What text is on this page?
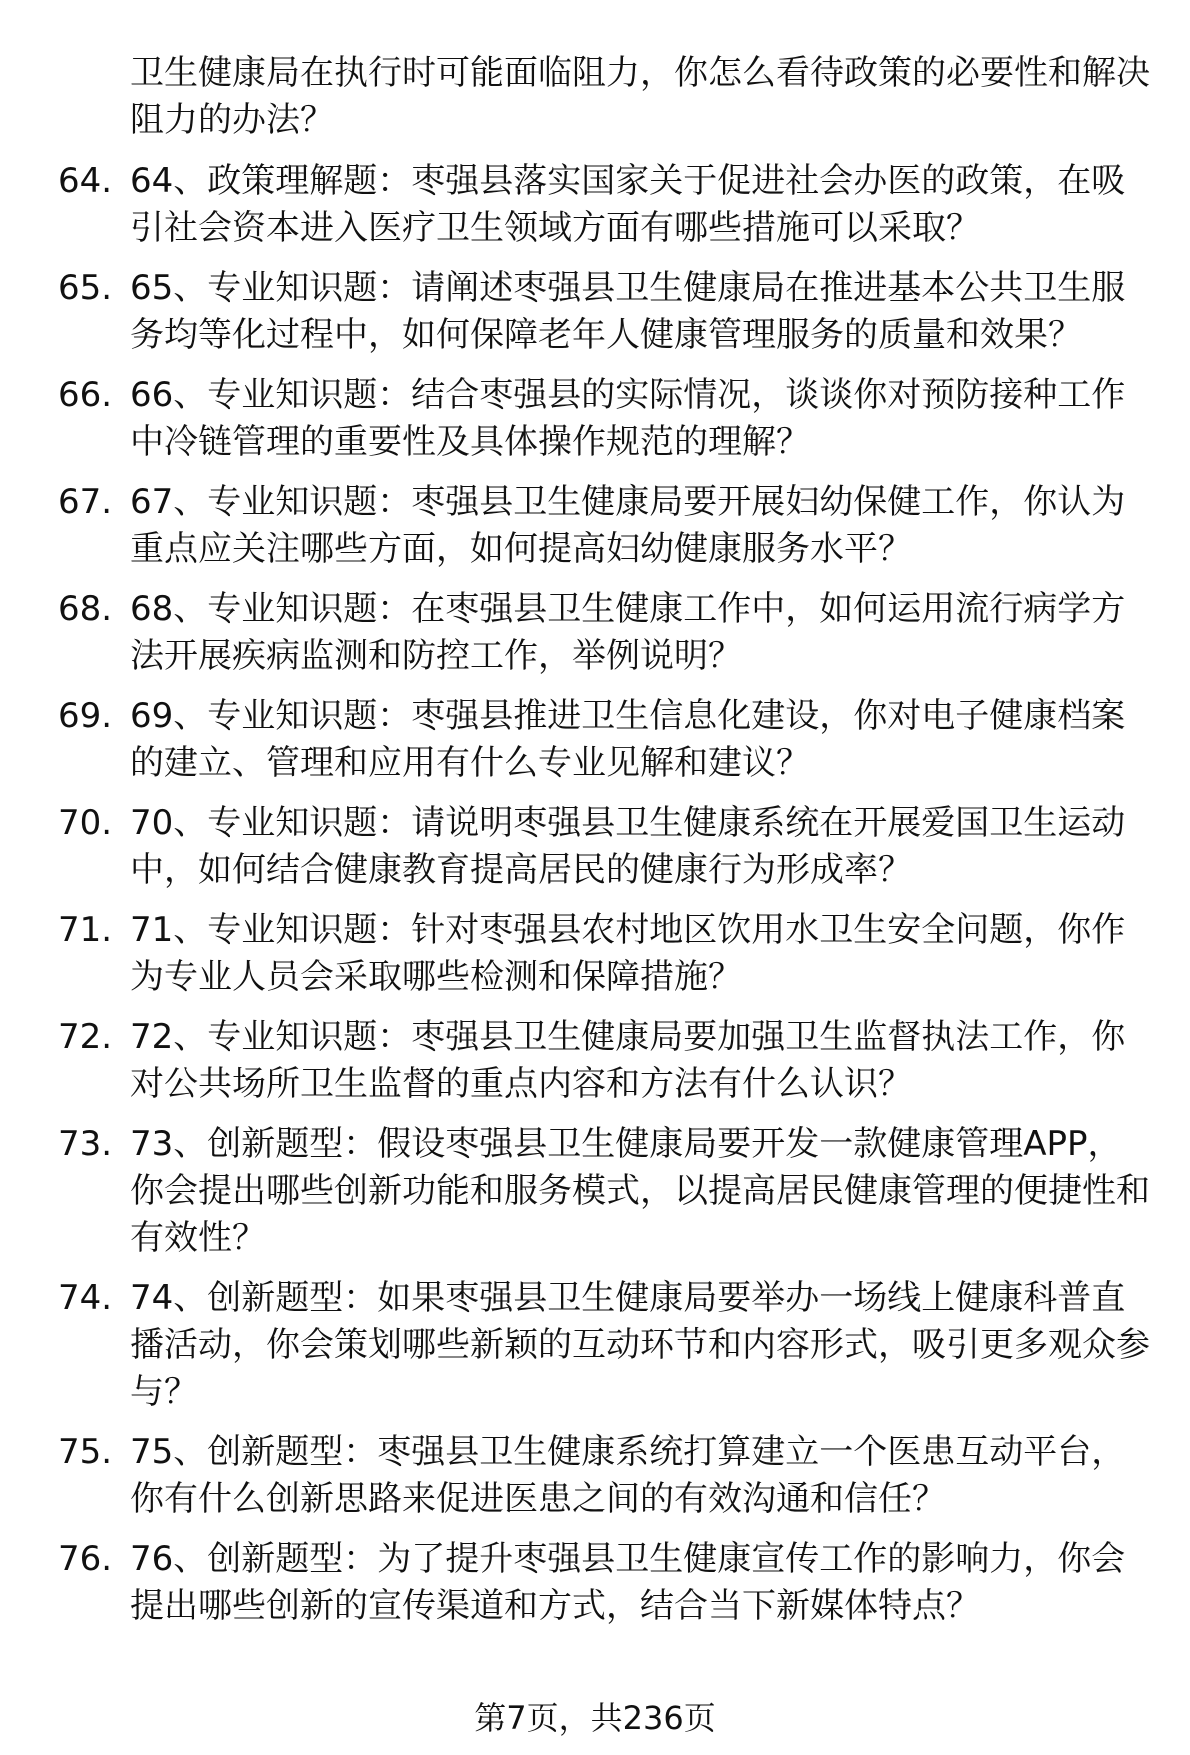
卫生健康局在执行时可能面临阻力，你怎么看待政策的必要性和解决阻力的办法？
64. 64、政策理解题：枣强县落实国家关于促进社会办医的政策，在吸引社会资本进入医疗卫生领域方面有哪些措施可以采取？
65. 65、专业知识题：请阐述枣强县卫生健康局在推进基本公共卫生服务均等化过程中，如何保障老年人健康管理服务的质量和效果？
66. 66、专业知识题：结合枣强县的实际情况，谈谈你对预防接种工作中冷链管理的重要性及具体操作规范的理解？
67. 67、专业知识题：枣强县卫生健康局要开展妇幼保健工作，你认为重点应关注哪些方面，如何提高妇幼健康服务水平？
68. 68、专业知识题：在枣强县卫生健康工作中，如何运用流行病学方法开展疾病监测和防控工作，举例说明？
69. 69、专业知识题：枣强县推进卫生信息化建设，你对电子健康档案的建立、管理和应用有什么专业见解和建议？
70. 70、专业知识题：请说明枣强县卫生健康系统在开展爱国卫生运动中，如何结合健康教育提高居民的健康行为形成率？
71. 71、专业知识题：针对枣强县农村地区饮用水卫生安全问题，你作为专业人员会采取哪些检测和保障措施？
72. 72、专业知识题：枣强县卫生健康局要加强卫生监督执法工作，你对公共场所卫生监督的重点内容和方法有什么认识？
73. 73、创新题型：假设枣强县卫生健康局要开发一款健康管理APP，你会提出哪些创新功能和服务模式，以提高居民健康管理的便捷性和有效性？
74. 74、创新题型：如果枣强县卫生健康局要举办一场线上健康科普直播活动，你会策划哪些新颖的互动环节和内容形式，吸引更多观众参与？
75. 75、创新题型：枣强县卫生健康系统打算建立一个医患互动平台，你有什么创新思路来促进医患之间的有效沟通和信任？
76. 76、创新题型：为了提升枣强县卫生健康宣传工作的影响力，你会提出哪些创新的宣传渠道和方式，结合当下新媒体特点？
第7页，共236页
